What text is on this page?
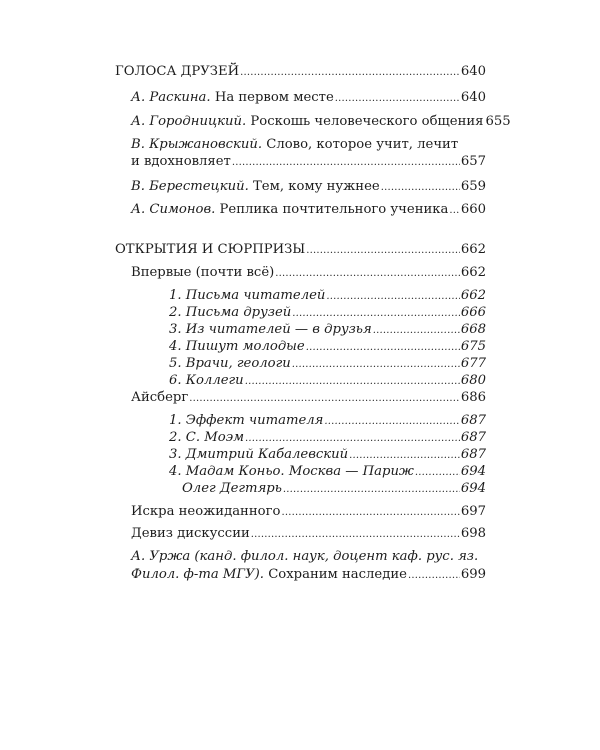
ГОЛОСА ДРУЗЕЙ .....	640
А. Раскина. На первом месте .....	640
А. Городницкий. Роскошь человеческого общения 655
В. Крыжановский. Слово, которое учит, лечит
и вдохновляет .....	657
В. Берестецкий. Тем, кому нужнее .....	659
А. Симонов. Реплика почтительного ученика ..... 660
ОТКРЫТИЯ И СЮРПРИЗЫ .....	662
Впервые (почти всё) .....	662
1. Письма читателей .....	662
2. Письма друзей .....	666
3. Из читателей — в друзья .....	668
4. Пишут молодые .....	675
5. Врачи, геологи .....	677
6. Коллеги .....	680
Айсберг .....	686
1. Эффект читателя .....	687
2. С. Моэм .....	687
3. Дмитрий Кабалевский .....	687
4. Мадам Коньо. Москва — Париж .....	694
Олег Дегтярь .....	694
Искра неожиданного .....	697
Девиз дискуссии .....	698
А. Уржа (канд. филол. наук, доцент каф. рус. яз.
Филол. ф-та МГУ). Сохраним наследие .....	699
